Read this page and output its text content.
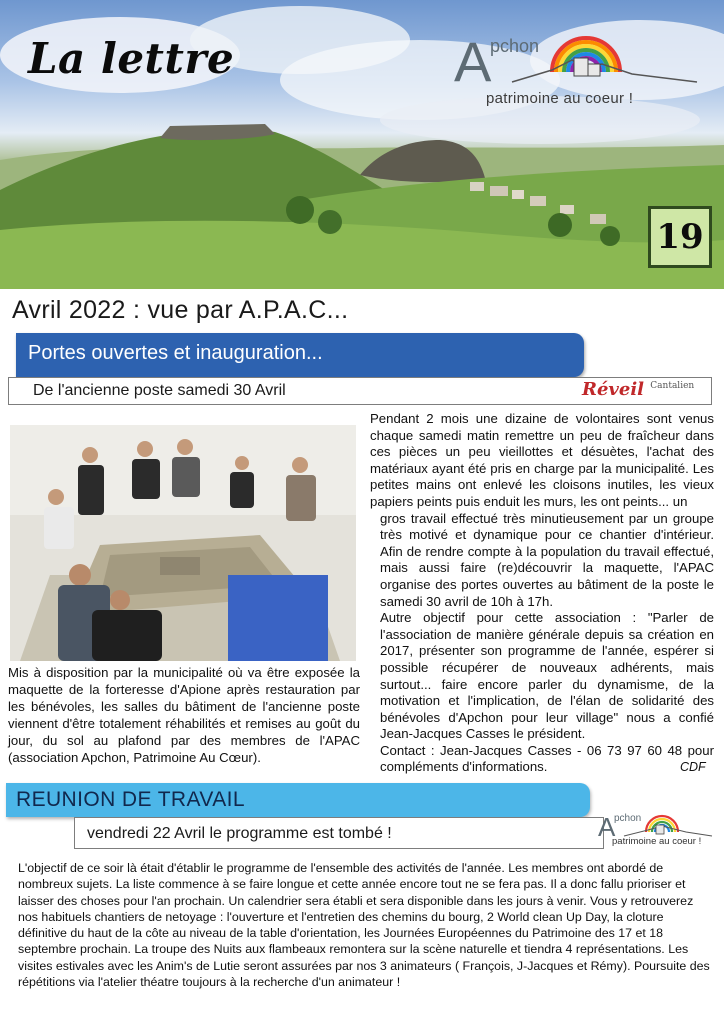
La lettre	A
pchon
patrimoine au coeur !
19
Avril 2022 : vue par A.P.A.C...
Portes ouvertes et inauguration...
De l'ancienne poste samedi 30 Avril	Réveil $^{Cantalien}$
Mis à disposition par la municipalité où va être exposée la maquette de la forteresse d'Apione après restauration par les bénévoles, les salles du bâtiment de l'ancienne poste viennent d'être totalement réhabilités et remises au goût du jour, du sol au plafond par des membres de l'APAC (association Apchon, Patrimoine Au Cœur).

Pendant 2 mois une dizaine de volontaires sont venus chaque samedi matin remettre un peu de fraîcheur dans ces pièces un peu vieillottes et désuètes, l'achat des matériaux ayant été pris en charge par la municipalité. Les petites mains ont enlevé les cloisons inutiles, les vieux papiers peints puis enduit les murs, les ont peints... un

gros travail effectué très minutieusement par un groupe très motivé et dynamique pour ce chantier d'intérieur. Afin de rendre compte à la population du travail effectué, mais aussi faire (re)découvrir la maquette, l'APAC organise des portes ouvertes au bâtiment de la poste le samedi 30 avril de 10h à 17h.

Autre objectif pour cette association : "Parler de l'association de manière générale depuis sa création en 2017, présenter son programme de l'année, espérer si possible récupérer de nouveaux adhérents, mais surtout... faire encore parler du dynamisme, de la motivation et l'implication, de l'élan de solidarité des bénévoles d'Apchon pour leur village" nous a confié Jean-Jacques Casses le président.

Contact : Jean-Jacques Casses - 06 73 97 60 48 pour compléments d'informations.	CDF
REUNION DE TRAVAIL
vendredi 22 Avril le programme est tombé !	A
pchon
patrimoine au coeur !
L'objectif de ce soir là était d'établir le programme de l'ensemble des activités de l'année. Les membres ont abordé de nombreux sujets. La liste commence à se faire longue et cette année encore tout ne se fera pas. Il a donc fallu prioriser et laisser des choses pour l'an prochain. Un calendrier sera établi et sera disponible dans les jours à venir. Vous y retrouverez nos habituels chantiers de netoyage : l'ouverture et l'entretien des chemins du bourg, 2 World clean Up Day, la cloture définitive du haut de la côte au niveau de la table d'orientation, les Journées Européennes du Patrimoine des 17 et 18 septembre prochain. La troupe des Nuits aux flambeaux remontera sur la scène naturelle et tiendra 4 représentations. Les visites estivales avec les Anim's de Lutie seront assurées par nos 3 animateurs ( François, J-Jacques et Rémy). Poursuite des répétitions via l'atelier théatre toujours à la recherche d'un animateur !
